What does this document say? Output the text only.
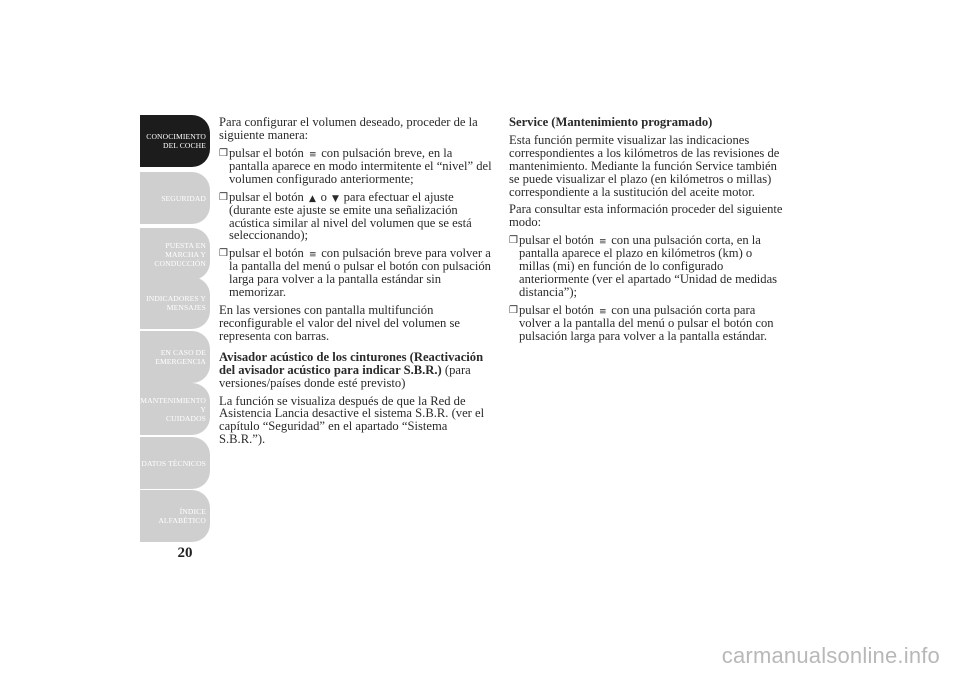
CONOCIMIENTO
DEL COCHE
SEGURIDAD
PUESTA EN
MARCHA Y
CONDUCCIÓN
INDICADORES Y
MENSAJES
EN CASO DE
EMERGENCIA
MANTENIMIENTO Y
CUIDADOS
DATOS TÉCNICOS
ÍNDICE
ALFABÉTICO
20

Para configurar el volumen deseado, proceder de la siguiente manera:

❒ pulsar el botón ≡ con pulsación breve, en la pantalla aparece en modo intermitente el “nivel” del volumen configurado anteriormente;
❒ pulsar el botón ▲ o ▼ para efectuar el ajuste (durante este ajuste se emite una señalización acústica similar al nivel del volumen que se está seleccionando);
❒ pulsar el botón ≡ con pulsación breve para volver a la pantalla del menú o pulsar el botón con pulsación larga para volver a la pantalla estándar sin memorizar.

En las versiones con pantalla multifunción reconfigurable el valor del nivel del volumen se representa con barras.

Avisador acústico de los cinturones (Reactivación del avisador acústico para indicar S.B.R.) (para versiones/países donde esté previsto)

La función se visualiza después de que la Red de Asistencia Lancia desactive el sistema S.B.R. (ver el capítulo “Seguridad” en el apartado “Sistema S.B.R.”).

Service (Mantenimiento programado)

Esta función permite visualizar las indicaciones correspondientes a los kilómetros de las revisiones de mantenimiento. Mediante la función Service también se puede visualizar el plazo (en kilómetros o millas) correspondiente a la sustitución del aceite motor.

Para consultar esta información proceder del siguiente modo:

❒ pulsar el botón ≡ con una pulsación corta, en la pantalla aparece el plazo en kilómetros (km) o millas (mi) en función de lo configurado anteriormente (ver el apartado “Unidad de medidas distancia”);
❒ pulsar el botón ≡ con una pulsación corta para volver a la pantalla del menú o pulsar el botón con pulsación larga para volver a la pantalla estándar.
carmanualsonline.info
